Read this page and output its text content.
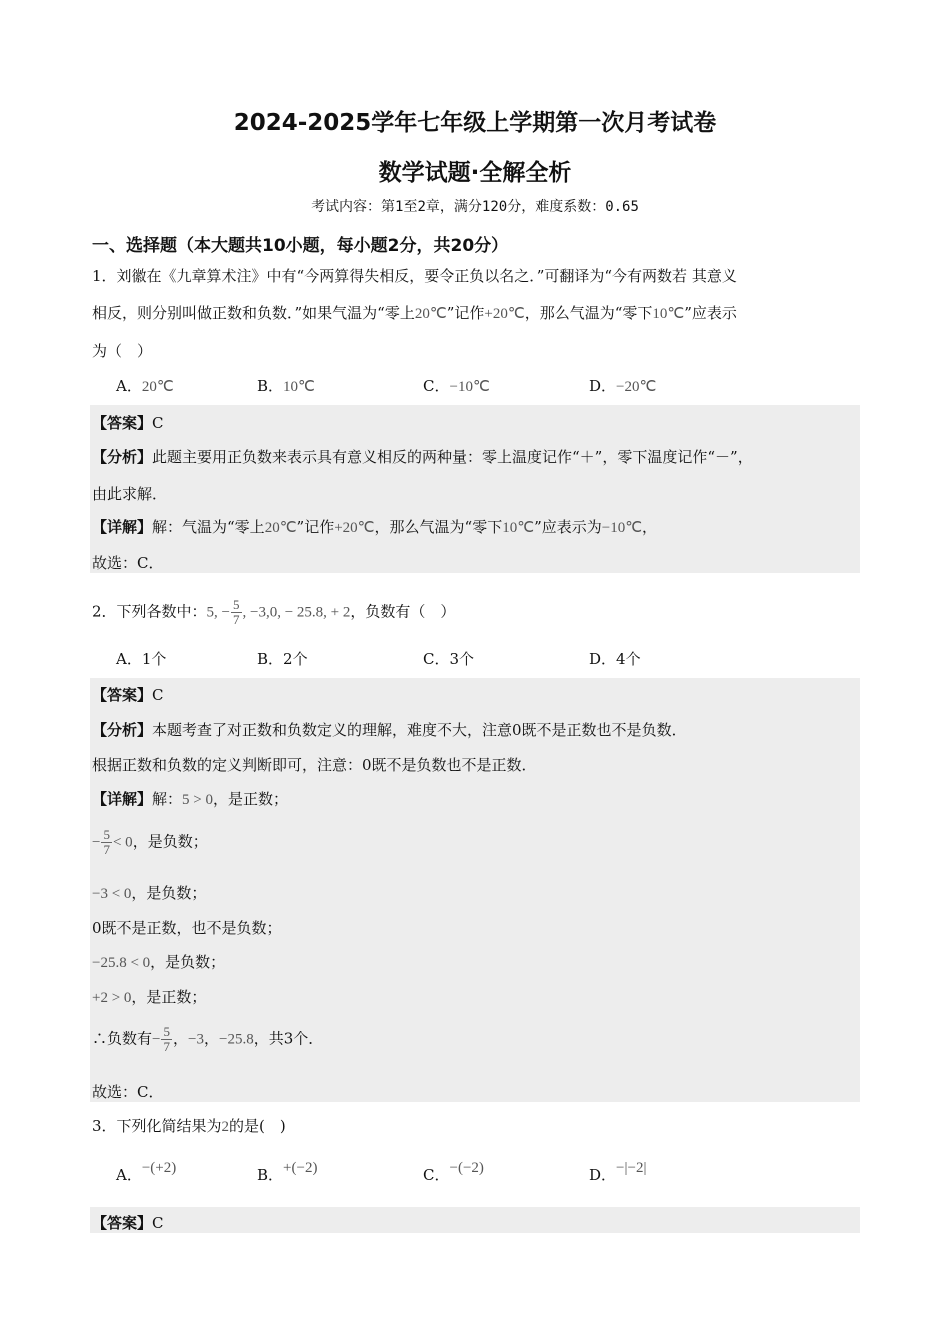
2024-2025学年七年级上学期第一次月考试卷
数学试题·全解全析
考试内容：第1至2章，满分120分，难度系数：0.65
一、选择题（本大题共10小题，每小题2分，共20分）
1．刘徽在《九章算术注》中有“今两算得失相反，要令正负以名之．”可翻译为“今有两数若 其意义
相反，则分别叫做正数和负数．”如果气温为“零上20℃”记作+20℃，那么气温为“零下10℃”应表示
为（　）
A．20℃	B．10℃	C．−10℃	D．−20℃
【答案】C
【分析】此题主要用正负数来表示具有意义相反的两种量：零上温度记作“＋”，零下温度记作“－”，
由此求解．
【详解】解：气温为“零上20℃”记作+20℃，那么气温为“零下10℃”应表示为−10℃，
故选：C．
2．下列各数中：5, − $\frac{5}{7}$ , −3,0, − 25.8, + 2，负数有（　）
A．1个	B．2个	C．3个	D．4个
【答案】C
【分析】本题考查了对正数和负数定义的理解，难度不大，注意0既不是正数也不是负数．
根据正数和负数的定义判断即可，注意：0既不是负数也不是正数．
【详解】解：5 > 0，是正数；
− $\frac{5}{7} < 0$，是负数；
−3 < 0，是负数；
0既不是正数，也不是负数；
−25.8 < 0，是负数；
+2 > 0，是正数；
∴负数有− $\frac{5}{7}$ ，−3，−25.8，共3个．
故选：C．
3．下列化简结果为2的是(　)
A．−(+2)	B．+(−2)	C．−(−2)	D．−|−2|
【答案】C
